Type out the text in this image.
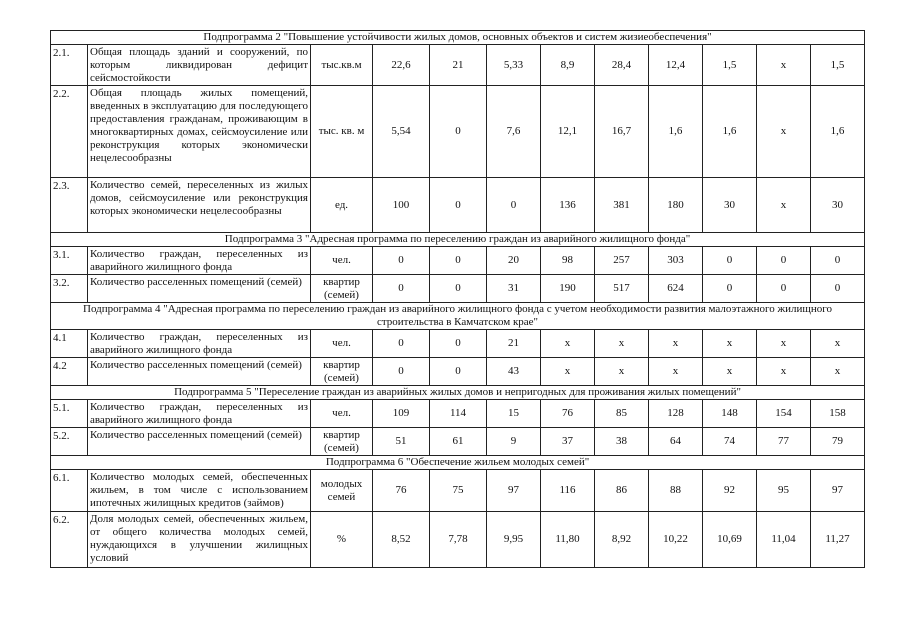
Подпрограмма 2 "Повышение устойчивости жилых домов, основных объектов и систем жизиеобеспечения"											
2.1.	Общая площадь зданий и сооружений, по которым ликвидирован дефицит сейсмостойкости	тыс.кв.м	22,6	21	5,33	8,9	28,4	12,4	1,5	х	1,5
2.2.	Общая площадь жилых помещений, введенных в эксплуатацию для последующего предоставления гражданам, проживающим в многоквартирных домах, сейсмоусиление или реконструкция которых экономически нецелесообразны	тыс. кв. м	5,54	0	7,6	12,1	16,7	1,6	1,6	х	1,6
2.3.	Количество семей, переселенных из жилых домов, сейсмоусиление или реконструкция которых экономически нецелесообразны	ед.	100	0	0	136	381	180	30	х	30
Подпрограмма 3 "Адресная программа по переселению граждан из аварийного жилищного фонда"											
3.1.	Количество граждан, переселенных из аварийного жилищного фонда	чел.	0	0	20	98	257	303	0	0	0
3.2.	Количество расселенных помещений (семей)	квартир (семей)	0	0	31	190	517	624	0	0	0
Подпрограмма 4 "Адресная программа по переселению граждан из аварийного жилищного фонда с учетом необходимости развития малоэтажного жилищного строительства в Камчатском крае"											
4.1	Количество граждан, переселенных из аварийного жилищного фонда	чел.	0	0	21	х	х	х	х	х	х
4.2	Количество расселенных помещений (семей)	квартир (семей)	0	0	43	х	х	х	х	х	х
Подпрограмма 5 "Переселение граждан из аварийных жилых домов и непригодных для проживания жилых помещений"											
5.1.	Количество граждан, переселенных из аварийного жилищного фонда	чел.	109	114	15	76	85	128	148	154	158
5.2.	Количество расселенных помещений (семей)	квартир (семей)	51	61	9	37	38	64	74	77	79
Подпрограмма 6 "Обеспечение жильем молодых семей"											
6.1.	Количество молодых семей, обеспеченных жильем, в том числе с использованием ипотечных жилищных кредитов (займов)	молодых семей	76	75	97	116	86	88	92	95	97
6.2.	Доля молодых семей, обеспеченных жильем, от общего количества молодых семей, нуждающихся в улучшении жилищных условий	%	8,52	7,78	9,95	11,80	8,92	10,22	10,69	11,04	11,27
